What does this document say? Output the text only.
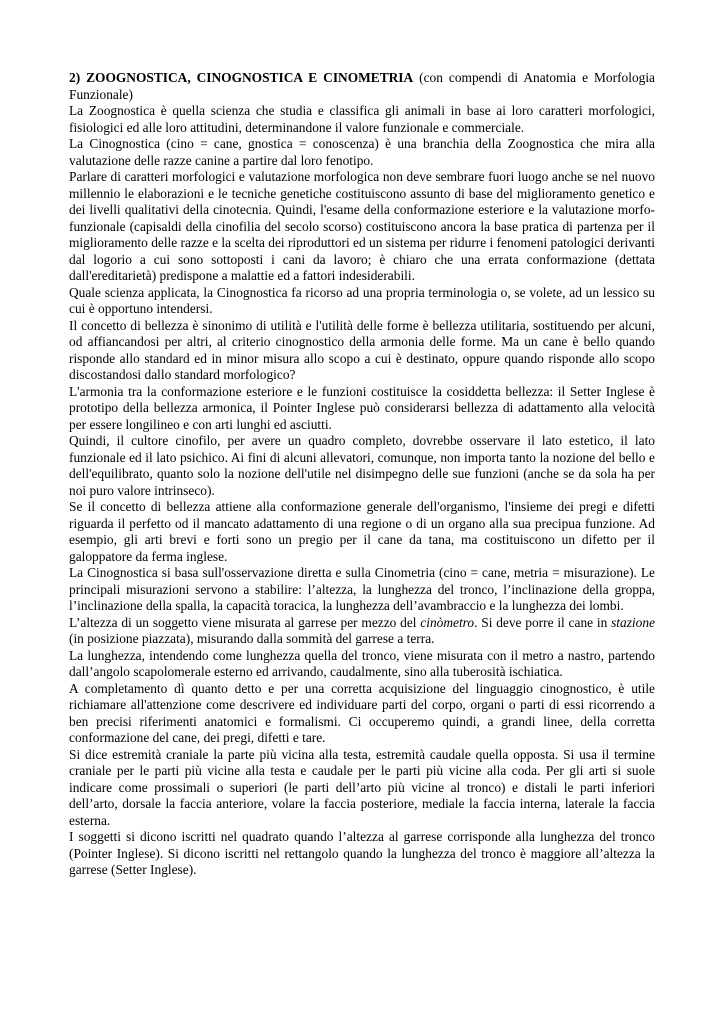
2) ZOOGNOSTICA, CINOGNOSTICA E CINOMETRIA (con compendi di Anatomia e Morfologia Funzionale)

La Zoognostica è quella scienza che studia e classifica gli animali in base ai loro caratteri morfologici, fisiologici ed alle loro attitudini, determinandone il valore funzionale e commerciale.

La Cinognostica (cino = cane, gnostica = conoscenza) è una branchia della Zoognostica che mira alla valutazione delle razze canine a partire dal loro fenotipo.

Parlare di caratteri morfologici e valutazione morfologica non deve sembrare fuori luogo anche se nel nuovo millennio le elaborazioni e le tecniche genetiche costituiscono assunto di base del miglioramento genetico e dei livelli qualitativi della cinotecnia. Quindi, l'esame della conformazione esteriore e la valutazione morfo-funzionale (capisaldi della cinofilia del secolo scorso) costituiscono ancora la base pratica di partenza per il miglioramento delle razze e la scelta dei riproduttori ed un sistema per ridurre i fenomeni patologici derivanti dal logorio a cui sono sottoposti i cani da lavoro; è chiaro che una errata conformazione (dettata dall'ereditarietà) predispone a malattie ed a fattori indesiderabili.

Quale scienza applicata, la Cinognostica fa ricorso ad una propria terminologia o, se volete, ad un lessico su cui è opportuno intendersi.

Il concetto di bellezza è sinonimo di utilità e l'utilità delle forme è bellezza utilitaria, sostituendo per alcuni, od affiancandosi per altri, al criterio cinognostico della armonia delle forme. Ma un cane è bello quando risponde allo standard ed in minor misura allo scopo a cui è destinato, oppure quando risponde allo scopo discostandosi dallo standard morfologico?

L'armonia tra la conformazione esteriore e le funzioni costituisce la cosiddetta bellezza: il Setter Inglese è prototipo della bellezza armonica, il Pointer Inglese può considerarsi bellezza di adattamento alla velocità per essere longilineo e con arti lunghi ed asciutti.

Quindi, il cultore cinofilo, per avere un quadro completo, dovrebbe osservare il lato estetico, il lato funzionale ed il lato psichico. Ai fini di alcuni allevatori, comunque, non importa tanto la nozione del bello e dell'equilibrato, quanto solo la nozione dell'utile nel disimpegno delle sue funzioni (anche se da sola ha per noi puro valore intrinseco).

Se il concetto di bellezza attiene alla conformazione generale dell'organismo, l'insieme dei pregi e difetti riguarda il perfetto od il mancato adattamento di una regione o di un organo alla sua precipua funzione. Ad esempio, gli arti brevi e forti sono un pregio per il cane da tana, ma costituiscono un difetto per il galoppatore da ferma inglese.

La Cinognostica si basa sull'osservazione diretta e sulla Cinometria (cino = cane, metria = misurazione). Le principali misurazioni servono a stabilire: l’altezza, la lunghezza del tronco, l’inclinazione della groppa, l’inclinazione della spalla, la capacità toracica, la lunghezza dell’avambraccio e la lunghezza dei lombi.

L’altezza di un soggetto viene misurata al garrese per mezzo del cinòmetro. Si deve porre il cane in stazione (in posizione piazzata), misurando dalla sommità del garrese a terra.

La lunghezza, intendendo come lunghezza quella del tronco, viene misurata con il metro a nastro, partendo dall’angolo scapolomerale esterno ed arrivando, caudalmente, sino alla tuberosità ischiatica.

A completamento dì quanto detto e per una corretta acquisizione del linguaggio cinognostico, è utile richiamare all'attenzione come descrivere ed individuare parti del corpo, organi o parti di essi ricorrendo a ben precisi riferimenti anatomici e formalismi. Ci occuperemo quindi, a grandi linee, della corretta conformazione del cane, dei pregi, difetti e tare.

Si dice estremità craniale la parte più vicina alla testa, estremità caudale quella opposta. Si usa il termine craniale per le parti più vicine alla testa e caudale per le parti più vicine alla coda. Per gli arti si suole indicare come prossimali o superiori (le parti dell’arto più vicine al tronco) e distali le parti inferiori dell’arto, dorsale la faccia anteriore, volare la faccia posteriore, mediale la faccia interna, laterale la faccia esterna.

I soggetti si dicono iscritti nel quadrato quando l’altezza al garrese corrisponde alla lunghezza del tronco (Pointer Inglese). Si dicono iscritti nel rettangolo quando la lunghezza del tronco è maggiore all’altezza la garrese (Setter Inglese).
